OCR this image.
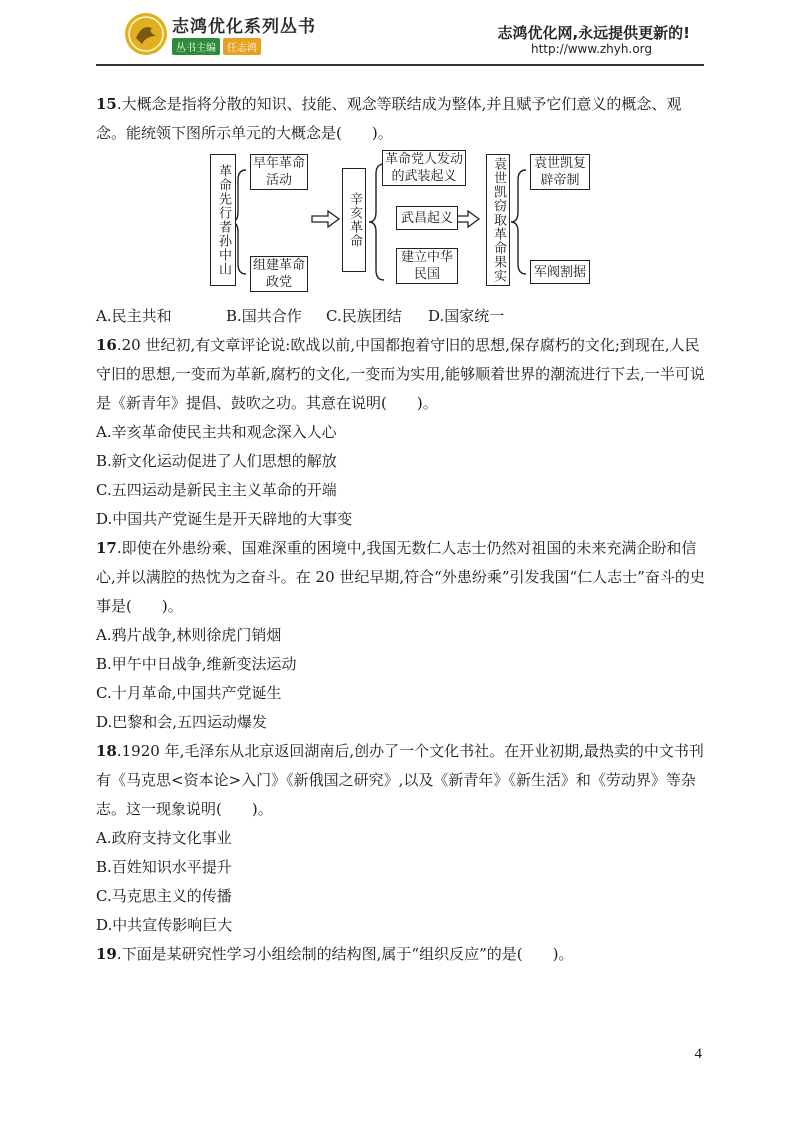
志鸿优化系列丛书
丛书主编 任志鸿
志鸿优化网,永远提供更新的!
http://www.zhyh.org

15.大概念是指将分散的知识、技能、观念等联结成为整体,并且赋予它们意义的概念、观念。能统领下图所示单元的大概念是(　　)。

革命先行者孙中山
早年革命活动
组建革命政党
辛亥革命
革命党人发动的武装起义
武昌起义
建立中华民国	袁世凯窃取革命果实	袁世凯复辟帝制
军阀割据

A.民主共和	B.国共合作 C.民族团结 D.国家统一

16.20 世纪初,有文章评论说:欧战以前,中国都抱着守旧的思想,保存腐朽的文化;到现在,人民守旧的思想,一变而为革新,腐朽的文化,一变而为实用,能够顺着世界的潮流进行下去,一半可说是《新青年》提倡、鼓吹之功。其意在说明(　　)。

A.辛亥革命使民主共和观念深入人心

B.新文化运动促进了人们思想的解放

C.五四运动是新民主主义革命的开端

D.中国共产党诞生是开天辟地的大事变

17.即使在外患纷乘、国难深重的困境中,我国无数仁人志士仍然对祖国的未来充满企盼和信心,并以满腔的热忱为之奋斗。在 20 世纪早期,符合“外患纷乘”引发我国“仁人志士”奋斗的史事是(　　)。

A.鸦片战争,林则徐虎门销烟

B.甲午中日战争,维新变法运动

C.十月革命,中国共产党诞生

D.巴黎和会,五四运动爆发

18.1920 年,毛泽东从北京返回湖南后,创办了一个文化书社。在开业初期,最热卖的中文书刊有《马克思<资本论>入门》《新俄国之研究》,以及《新青年》《新生活》和《劳动界》等杂志。这一现象说明(　　)。

A.政府支持文化事业

B.百姓知识水平提升

C.马克思主义的传播

D.中共宣传影响巨大

19.下面是某研究性学习小组绘制的结构图,属于“组织反应”的是(　　)。

4
